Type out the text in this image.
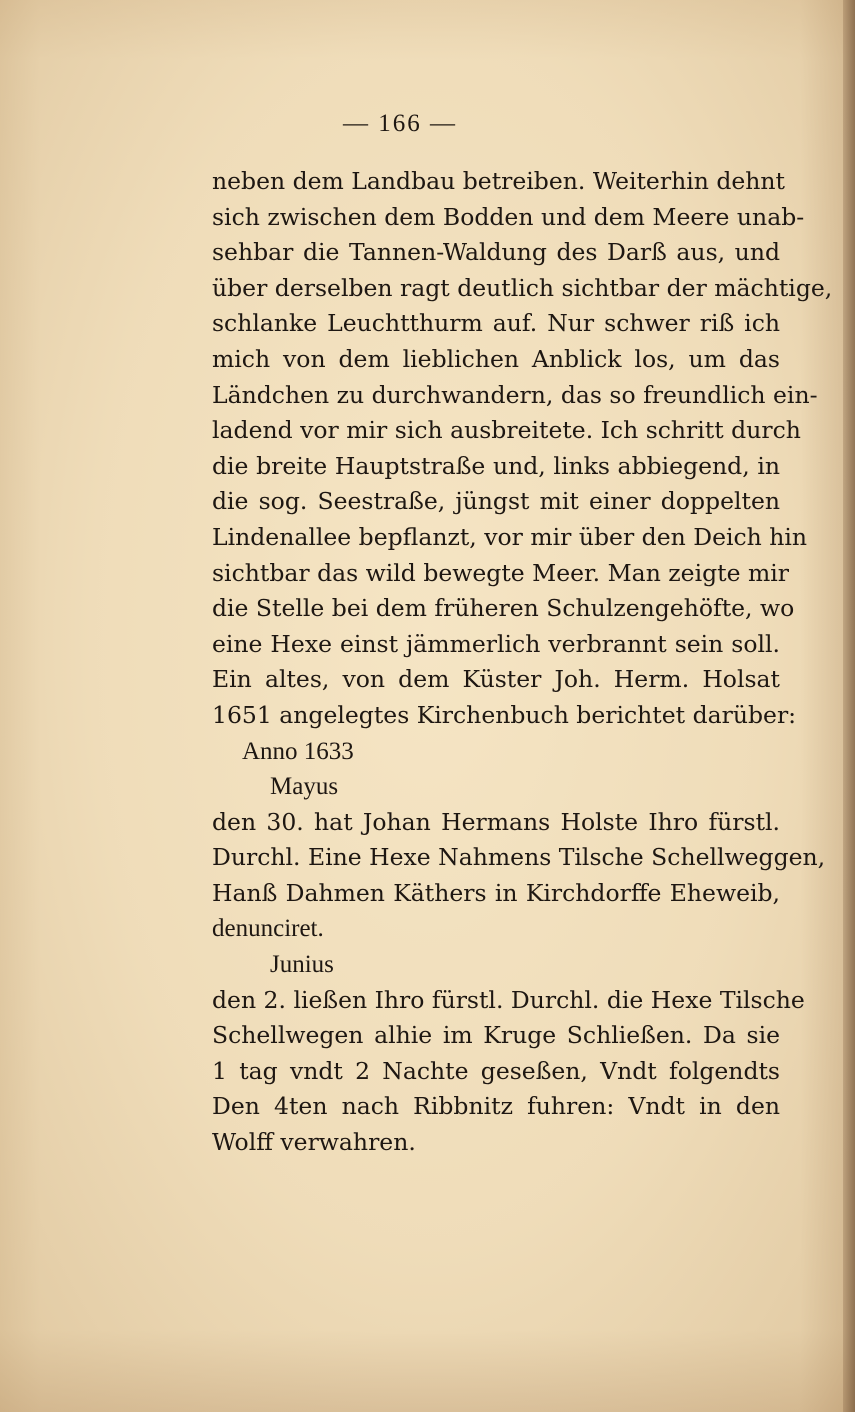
— 166 —
neben dem Landbau betreiben. Weiterhin dehnt
sich zwischen dem Bodden und dem Meere unab-
sehbar die Tannen-Waldung des Darß aus, und
über derselben ragt deutlich sichtbar der mächtige,
schlanke Leuchtthurm auf. Nur schwer riß ich
mich von dem lieblichen Anblick los, um das
Ländchen zu durchwandern, das so freundlich ein-
ladend vor mir sich ausbreitete. Ich schritt durch
die breite Hauptstraße und, links abbiegend, in
die sog. Seestraße, jüngst mit einer doppelten
Lindenallee bepflanzt, vor mir über den Deich hin
sichtbar das wild bewegte Meer. Man zeigte mir
die Stelle bei dem früheren Schulzengehöfte, wo
eine Hexe einst jämmerlich verbrannt sein soll.
Ein altes, von dem Küster Joh. Herm. Holsat
1651 angelegtes Kirchenbuch berichtet darüber:
Anno 1633
Mayus
den 30. hat Johan Hermans Holste Ihro fürstl.
Durchl. Eine Hexe Nahmens Tilsche Schellweggen,
Hanß Dahmen Käthers in Kirchdorffe Eheweib,
denunciret.
Junius
den 2. ließen Ihro fürstl. Durchl. die Hexe Tilsche
Schellwegen alhie im Kruge Schließen. Da sie
1 tag vndt 2 Nachte geseßen, Vndt folgendts
Den 4ten nach Ribbnitz fuhren: Vndt in den
Wolff verwahren.
